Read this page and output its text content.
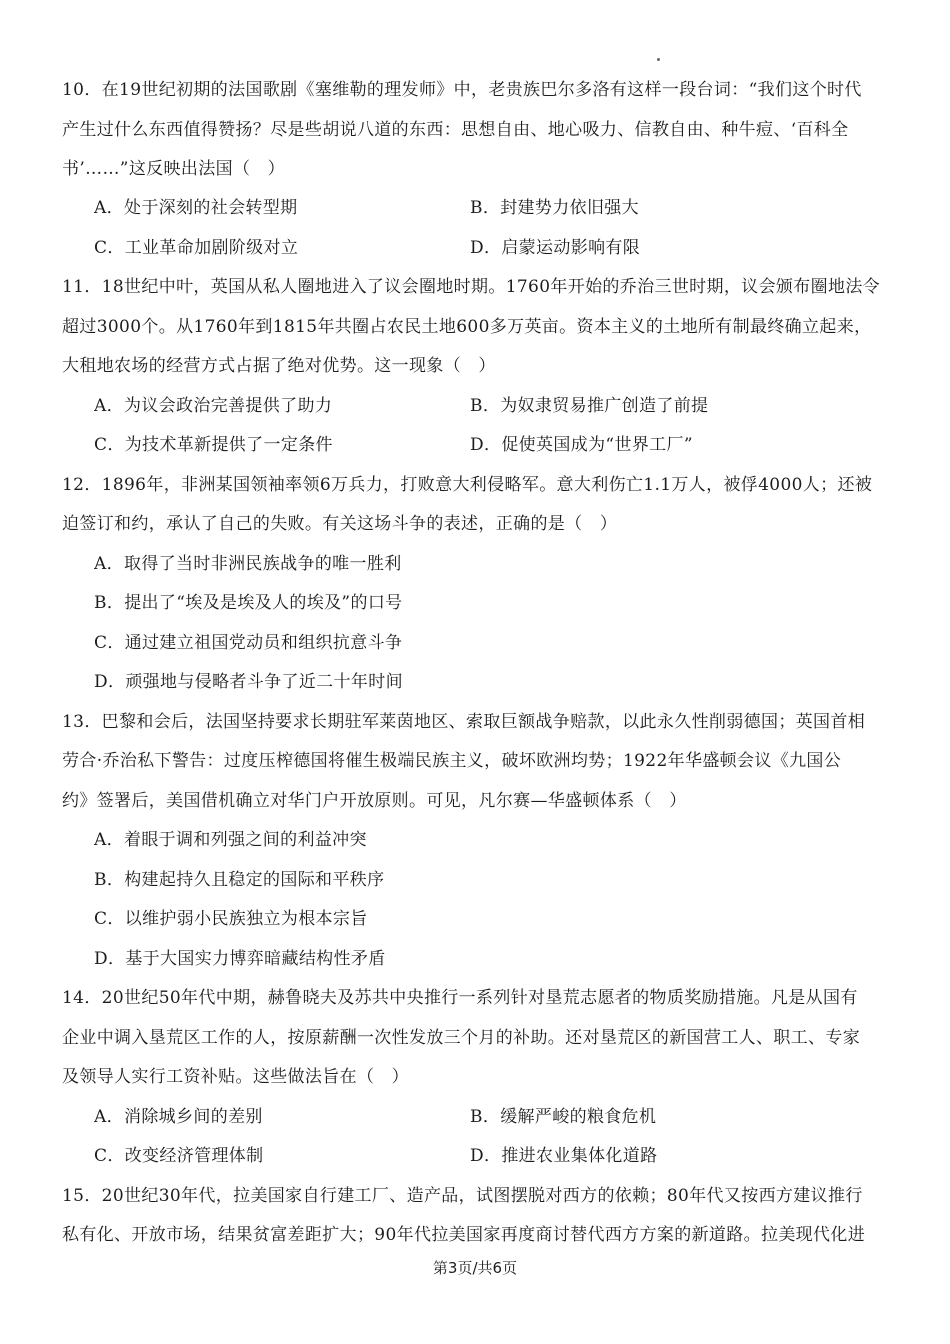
10．在19世纪初期的法国歌剧《塞维勒的理发师》中，老贵族巴尔多洛有这样一段台词：“我们这个时代
产生过什么东西值得赞扬？尽是些胡说八道的东西：思想自由、地心吸力、信教自由、种牛痘、‘百科全
书’……”这反映出法国（　）
A．处于深刻的社会转型期	B．封建势力依旧强大
C．工业革命加剧阶级对立	D．启蒙运动影响有限
11．18世纪中叶，英国从私人圈地进入了议会圈地时期。1760年开始的乔治三世时期，议会颁布圈地法令
超过3000个。从1760年到1815年共圈占农民土地600多万英亩。资本主义的土地所有制最终确立起来，
大租地农场的经营方式占据了绝对优势。这一现象（　）
A．为议会政治完善提供了助力	B．为奴隶贸易推广创造了前提
C．为技术革新提供了一定条件	D．促使英国成为“世界工厂”
12．1896年，非洲某国领袖率领6万兵力，打败意大利侵略军。意大利伤亡1.1万人，被俘4000人；还被
迫签订和约，承认了自己的失败。有关这场斗争的表述，正确的是（　）
A．取得了当时非洲民族战争的唯一胜利
B．提出了“埃及是埃及人的埃及”的口号
C．通过建立祖国党动员和组织抗意斗争
D．顽强地与侵略者斗争了近二十年时间
13．巴黎和会后，法国坚持要求长期驻军莱茵地区、索取巨额战争赔款，以此永久性削弱德国；英国首相
劳合·乔治私下警告：过度压榨德国将催生极端民族主义，破坏欧洲均势；1922年华盛顿会议《九国公
约》签署后，美国借机确立对华门户开放原则。可见，凡尔赛—华盛顿体系（　）
A．着眼于调和列强之间的利益冲突
B．构建起持久且稳定的国际和平秩序
C．以维护弱小民族独立为根本宗旨
D．基于大国实力博弈暗藏结构性矛盾
14．20世纪50年代中期，赫鲁晓夫及苏共中央推行一系列针对垦荒志愿者的物质奖励措施。凡是从国有
企业中调入垦荒区工作的人，按原薪酬一次性发放三个月的补助。还对垦荒区的新国营工人、职工、专家
及领导人实行工资补贴。这些做法旨在（　）
A．消除城乡间的差别	B．缓解严峻的粮食危机
C．改变经济管理体制	D．推进农业集体化道路
15．20世纪30年代，拉美国家自行建工厂、造产品，试图摆脱对西方的依赖；80年代又按西方建议推行
私有化、开放市场，结果贫富差距扩大；90年代拉美国家再度商讨替代西方方案的新道路。拉美现代化进
第3页/共6页
